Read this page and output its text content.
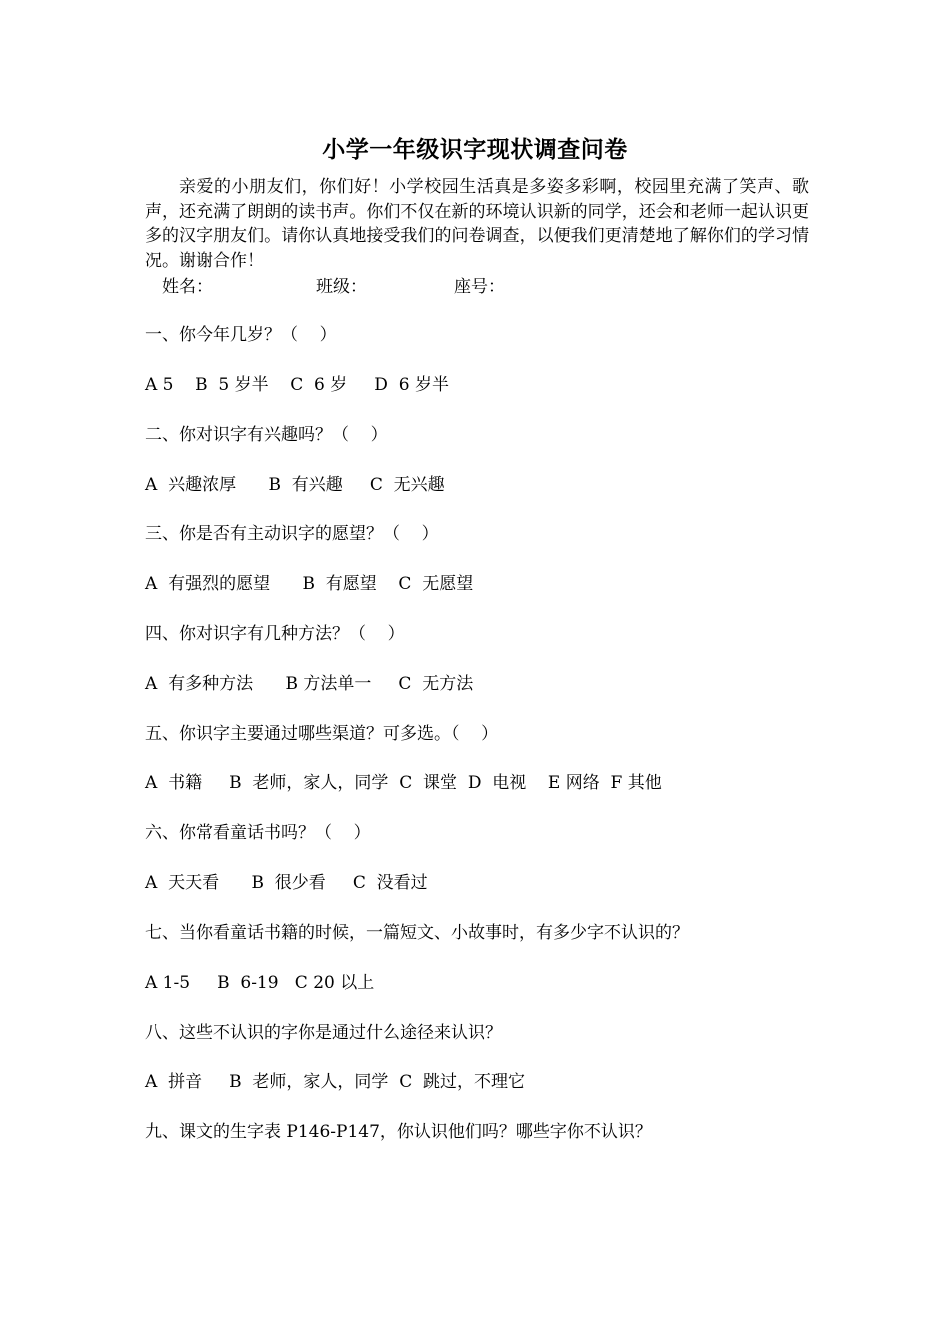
小学一年级识字现状调查问卷

亲爱的小朋友们，你们好！小学校园生活真是多姿多彩啊，校园里充满了笑声、歌声，还充满了朗朗的读书声。你们不仅在新的环境认识新的同学，还会和老师一起认识更多的汉字朋友们。请你认真地接受我们的问卷调查，以便我们更清楚地了解你们的学习情况。谢谢合作！

姓名：	班级：	座号：
一、你今年几岁？（    ）
A 5    B  5 岁半    C  6 岁     D  6 岁半
二、你对识字有兴趣吗？（    ）
A  兴趣浓厚      B  有兴趣     C  无兴趣
三、你是否有主动识字的愿望？（    ）
A  有强烈的愿望      B  有愿望    C  无愿望
四、你对识字有几种方法？（    ）
A  有多种方法      B 方法单一     C  无方法
五、你识字主要通过哪些渠道？可多选。（    ）
A  书籍     B  老师，家人，同学  C  课堂  D  电视    E 网络  F 其他
六、你常看童话书吗？（    ）
A  天天看      B  很少看     C  没看过
七、当你看童话书籍的时候，一篇短文、小故事时，有多少字不认识的？
A 1-5     B  6-19   C 20 以上
八、这些不认识的字你是通过什么途径来认识？
A  拼音     B  老师，家人，同学  C  跳过，不理它
九、课文的生字表 P146-P147，你认识他们吗？哪些字你不认识？
